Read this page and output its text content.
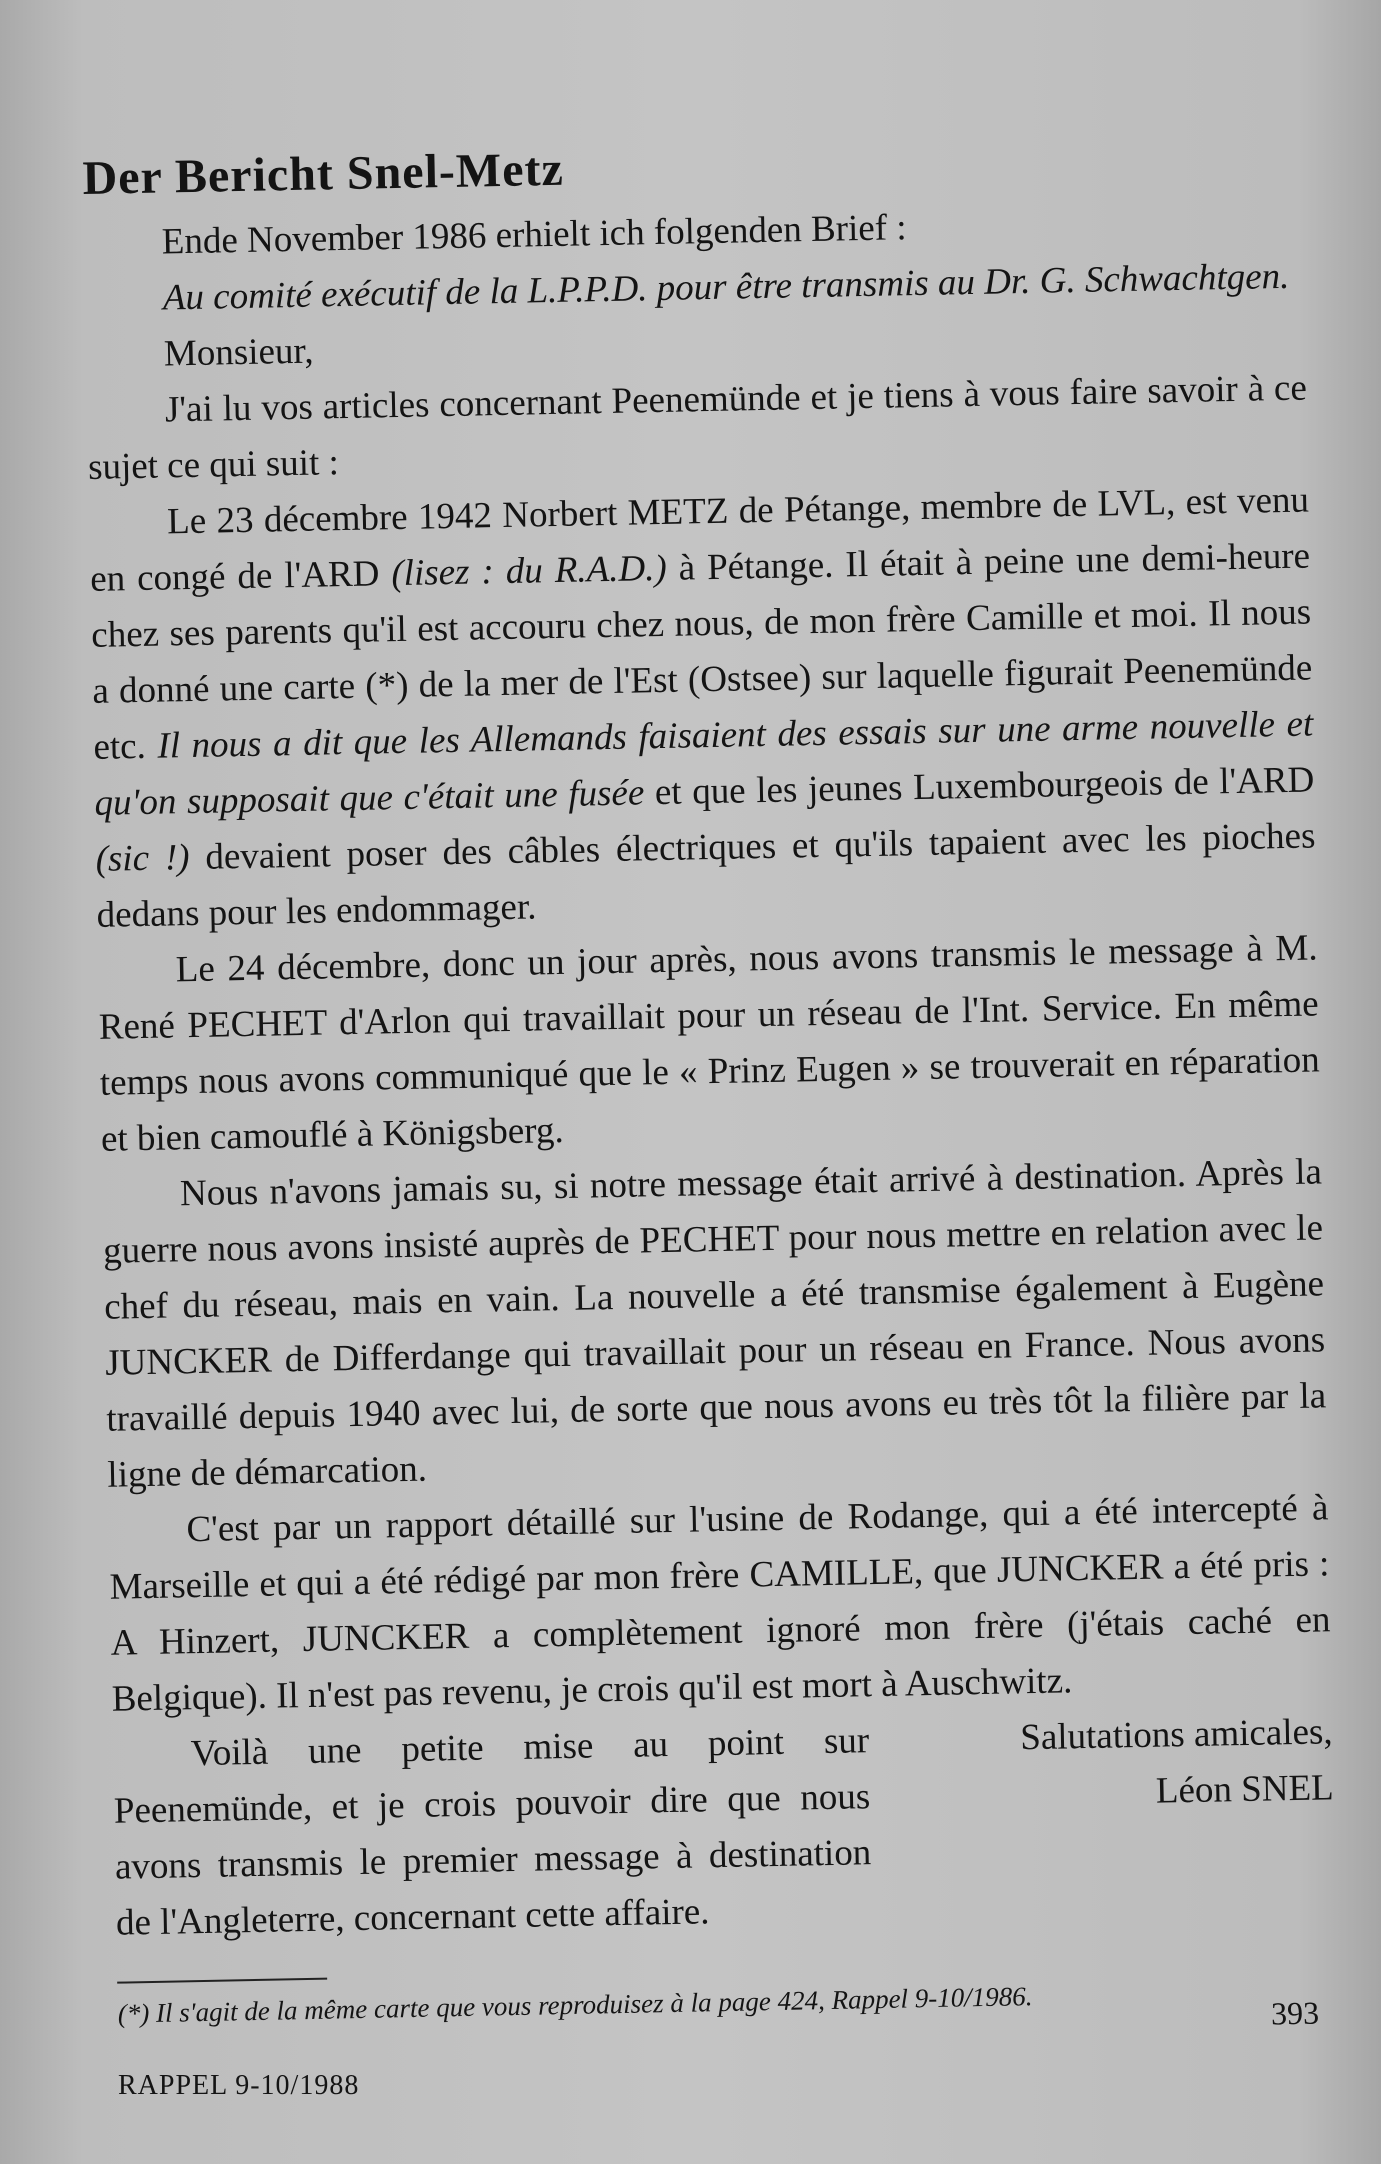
Der Bericht Snel-Metz

Ende November 1986 erhielt ich folgenden Brief :

Au comité exécutif de la L.P.P.D. pour être transmis au Dr. G. Schwachtgen.

Monsieur,

J'ai lu vos articles concernant Peenemünde et je tiens à vous faire savoir à ce sujet ce qui suit :

Le 23 décembre 1942 Norbert METZ de Pétange, membre de LVL, est venu en congé de l'ARD (lisez : du R.A.D.) à Pétange. Il était à peine une demi-heure chez ses parents qu'il est accouru chez nous, de mon frère Camille et moi. Il nous a donné une carte (*) de la mer de l'Est (Ostsee) sur laquelle figurait Peenemünde etc. Il nous a dit que les Allemands faisaient des essais sur une arme nouvelle et qu'on supposait que c'était une fusée et que les jeunes Luxembourgeois de l'ARD (sic !) devaient poser des câbles électriques et qu'ils tapaient avec les pioches dedans pour les endommager.

Le 24 décembre, donc un jour après, nous avons transmis le message à M. René PECHET d'Arlon qui travaillait pour un réseau de l'Int. Service. En même temps nous avons communiqué que le « Prinz Eugen » se trouverait en réparation et bien camouflé à Königsberg.

Nous n'avons jamais su, si notre message était arrivé à destination. Après la guerre nous avons insisté auprès de PECHET pour nous mettre en relation avec le chef du réseau, mais en vain. La nouvelle a été transmise également à Eugène JUNCKER de Differdange qui travaillait pour un réseau en France. Nous avons travaillé depuis 1940 avec lui, de sorte que nous avons eu très tôt la filière par la ligne de démarcation.

C'est par un rapport détaillé sur l'usine de Rodange, qui a été intercepté à Marseille et qui a été rédigé par mon frère CAMILLE, que JUNCKER a été pris : A Hinzert, JUNCKER a complètement ignoré mon frère (j'étais caché en Belgique). Il n'est pas revenu, je crois qu'il est mort à Auschwitz.

Voilà une petite mise au point sur Peenemünde, et je crois pouvoir dire que nous avons transmis le premier message à destination de l'Angleterre, concernant cette affaire.

Salutations amicales,

Léon SNEL

(*) Il s'agit de la même carte que vous reproduisez à la page 424, Rappel 9-10/1986.	393
RAPPEL 9-10/1988
